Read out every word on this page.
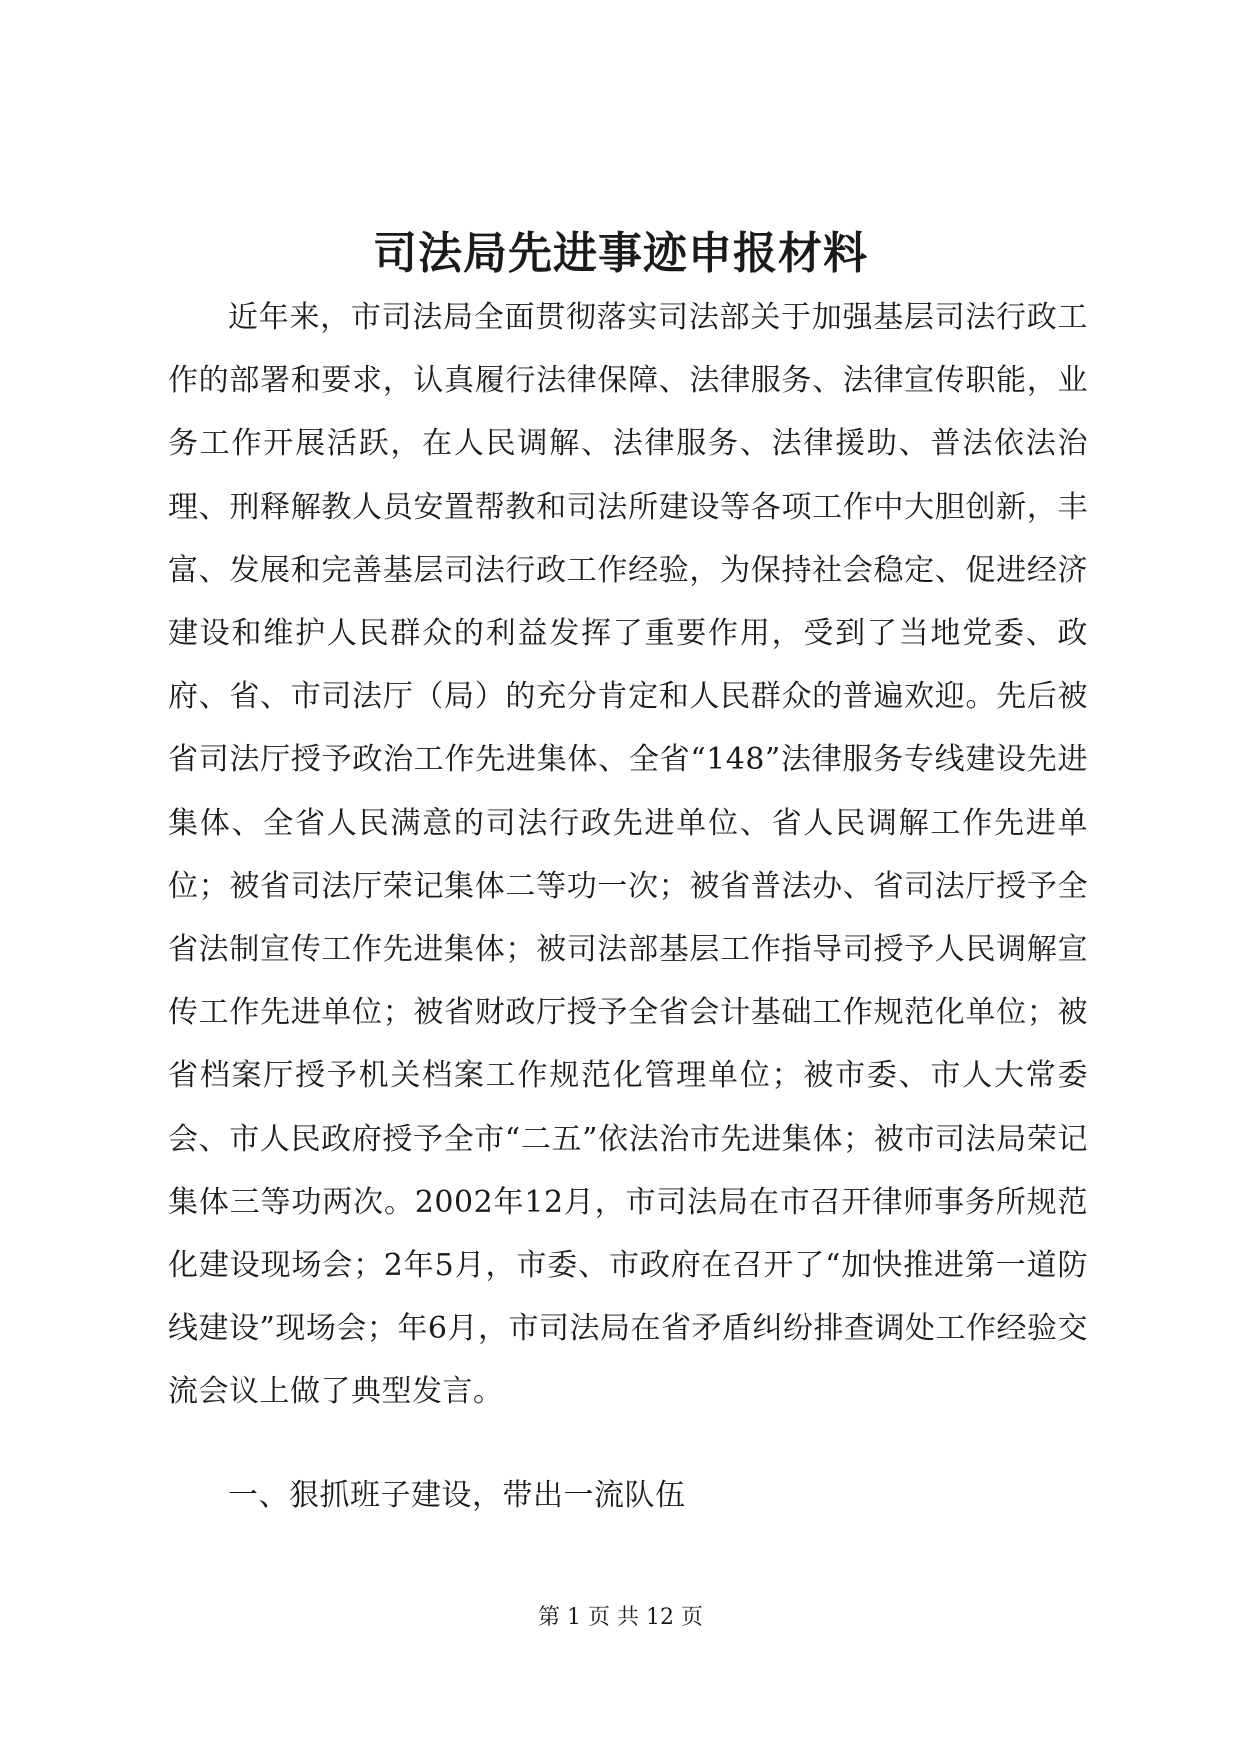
司法局先进事迹申报材料

近年来，市司法局全面贯彻落实司法部关于加强基层司法行政工作的部署和要求，认真履行法律保障、法律服务、法律宣传职能，业务工作开展活跃，在人民调解、法律服务、法律援助、普法依法治理、刑释解教人员安置帮教和司法所建设等各项工作中大胆创新，丰富、发展和完善基层司法行政工作经验，为保持社会稳定、促进经济建设和维护人民群众的利益发挥了重要作用，受到了当地党委、政府、省、市司法厅（局）的充分肯定和人民群众的普遍欢迎。先后被省司法厅授予政治工作先进集体、全省“148”法律服务专线建设先进集体、全省人民满意的司法行政先进单位、省人民调解工作先进单位；被省司法厅荣记集体二等功一次；被省普法办、省司法厅授予全省法制宣传工作先进集体；被司法部基层工作指导司授予人民调解宣传工作先进单位；被省财政厅授予全省会计基础工作规范化单位；被省档案厅授予机关档案工作规范化管理单位；被市委、市人大常委会、市人民政府授予全市“二五”依法治市先进集体；被市司法局荣记集体三等功两次。2002年12月，市司法局在市召开律师事务所规范化建设现场会；2年5月，市委、市政府在召开了“加快推进第一道防线建设”现场会；年6月，市司法局在省矛盾纠纷排查调处工作经验交流会议上做了典型发言。

一、狠抓班子建设，带出一流队伍
第 1 页 共 12 页
